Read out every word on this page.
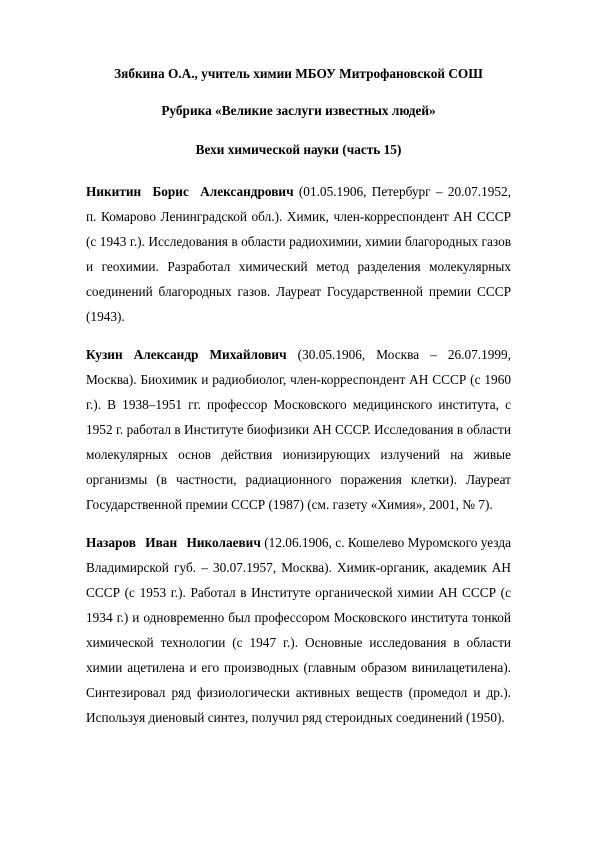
Зябкина О.А., учитель химии МБОУ Митрофановской СОШ

Рубрика «Великие заслуги известных людей»

Вехи химической науки (часть 15)

Никитин Борис Александрович (01.05.1906, Петербург – 20.07.1952, п. Комарово Ленинградской обл.). Химик, член-корреспондент АН СССР (с 1943 г.). Исследования в области радиохимии, химии благородных газов и геохимии. Разработал химический метод разделения молекулярных соединений благородных газов. Лауреат Государственной премии СССР (1943).

Кузин Александр Михайлович (30.05.1906, Москва – 26.07.1999, Москва). Биохимик и радиобиолог, член-корреспондент АН СССР (с 1960 г.). В 1938–1951 гг. профессор Московского медицинского института, с 1952 г. работал в Институте биофизики АН СССР. Исследования в области молекулярных основ действия ионизирующих излучений на живые организмы (в частности, радиационного поражения клетки). Лауреат Государственной премии СССР (1987) (см. газету «Химия», 2001, № 7).

Назаров Иван Николаевич (12.06.1906, с. Кошелево Муромского уезда Владимирской губ. – 30.07.1957, Москва). Химик-органик, академик АН СССР (с 1953 г.). Работал в Институте органической химии АН СССР (с 1934 г.) и одновременно был профессором Московского института тонкой химической технологии (с 1947 г.). Основные исследования в области химии ацетилена и его производных (главным образом винилацетилена). Синтезировал ряд физиологически активных веществ (промедол и др.). Используя диеновый синтез, получил ряд стероидных соединений (1950).
